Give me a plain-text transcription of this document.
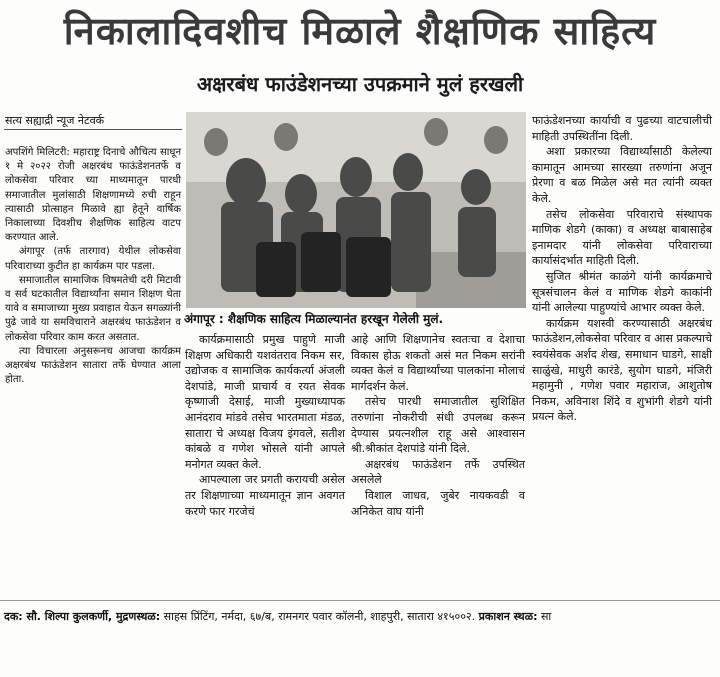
निकालादिवशीच मिळाले शैक्षणिक साहित्य
अक्षरबंध फाउंडेशनच्या उपक्रमाने मुलं हरखली
सत्य सह्याद्री न्यूज नेटवर्क

अपशिंगे मिलिटरी: महाराष्ट्र दिनाचे औचित्य साधून १ मे २०२२ रोजी अक्षरबंध फाऊंडेशनतर्फे व लोकसेवा परिवार च्या माध्यमातून पारधी समाजातील मुलांसाठी शिक्षणामध्ये रुची राहून त्यासाठी प्रोत्साहन मिळावे ह्या हेतूने वार्षिक निकालाच्या दिवशीच शैक्षणिक साहित्य वाटप करण्यात आले.

अंगापूर (तर्फ तारगाव) येथील लोकसेवा परिवाराच्या कुटीत हा कार्यक्रम पार पडला.

समाजातील सामाजिक विषमतेची दरी मिटावी व सर्व घटकातील विद्यार्थ्यांना समान शिक्षण घेता यावे व समाजाच्या मुख्य प्रवाहात येऊन सगळ्यांनी पुढे जावे या समविचाराने अक्षरबंध फाऊंडेशन व लोकसेवा परिवार काम करत असतात.

त्या विचारला अनुसरूनच आजचा कार्यक्रम अक्षरबंध फाऊंडेशन सातारा तर्फे घेण्यात आला होता.

अंगापूर : शैक्षणिक साहित्य मिळाल्यानंत हरखून गेलेली मुलं.

कार्यक्रमासाठी प्रमुख पाहुणे माजी शिक्षण अधिकारी यशवंतराव निकम सर, उद्योजक व सामाजिक कार्यकर्त्या अंजली देशपांडे, माजी प्राचार्य व रयत सेवक कृष्णाजी देसाई, माजी मुख्याध्यापक आनंदराव मांडवे तसेच भारतमाता मंडळ, सातारा चे अध्यक्ष विजय इंगवले, सतीश कांबळे व गणेश भोसले यांनी आपले मनोगत व्यक्त केले.

आपल्याला जर प्रगती करायची असेल तर शिक्षणाच्या माध्यमातून ज्ञान अवगत करणे फार गरजेचं

आहे आणि शिक्षणानेच स्वतःचा व देशाचा विकास होऊ शकतो असं मत निकम सरांनी व्यक्त केलं व विद्यार्थ्यांच्या पालकांना मोलाचं मार्गदर्शन केलं.

तसेच पारधी समाजातील सुशिक्षित तरुणांना नोकरीची संधी उपलब्ध करून देण्यास प्रयत्नशील राहू असे आश्वासन श्री.श्रीकांत देशपांडे यांनी दिले.

अक्षरबंध फाऊंडेशन तर्फे उपस्थित असलेले

विशाल जाधव, जुबेर नायकवडी व अनिकेत वाघ यांनी

फाऊंडेशनच्या कार्याची व पुढच्या वाटचालीची माहिती उपस्थितींना दिली.

अशा प्रकारच्या विद्यार्थ्यांसाठी केलेल्या कामातून आमच्या सारख्या तरुणांना अजून प्रेरणा व बळ मिळेल असे मत त्यांनी व्यक्त केले.

तसेच लोकसेवा परिवाराचे संस्थापक माणिक शेडगे (काका) व अध्यक्ष बाबासाहेब इनामदार यांनी लोकसेवा परिवाराच्या कार्यासंदर्भात माहिती दिली.

सुजित श्रीमंत काळंगे यांनी कार्यक्रमाचे सूत्रसंचालन केलं व माणिक शेडगे काकांनी यांनी आलेल्या पाहुण्यांचे आभार व्यक्त केले.

कार्यक्रम यशस्वी करण्यासाठी अक्षरबंध फाऊंडेशन,लोकसेवा परिवार व आस प्रकल्पाचे स्वयंसेवक अर्शद शेख, समाधान घाडगे, साक्षी साळुंखे, माधुरी कारंडे, सुयोग घाडगे, मंजिरी महामुनी , गणेश पवार महाराज, आशुतोष निकम, अविनाश शिंदे व शुभांगी शेडगे यांनी प्रयत्न केले.

दक: सौ. शिल्पा कुलकर्णी, मुद्रणस्थळ: साहस प्रिंटिंग, नर्मदा, ६७/ब, रामनगर पवार कॉलनी, शाहपुरी, सातारा ४१५००२. प्रकाशन स्थळ: सा
